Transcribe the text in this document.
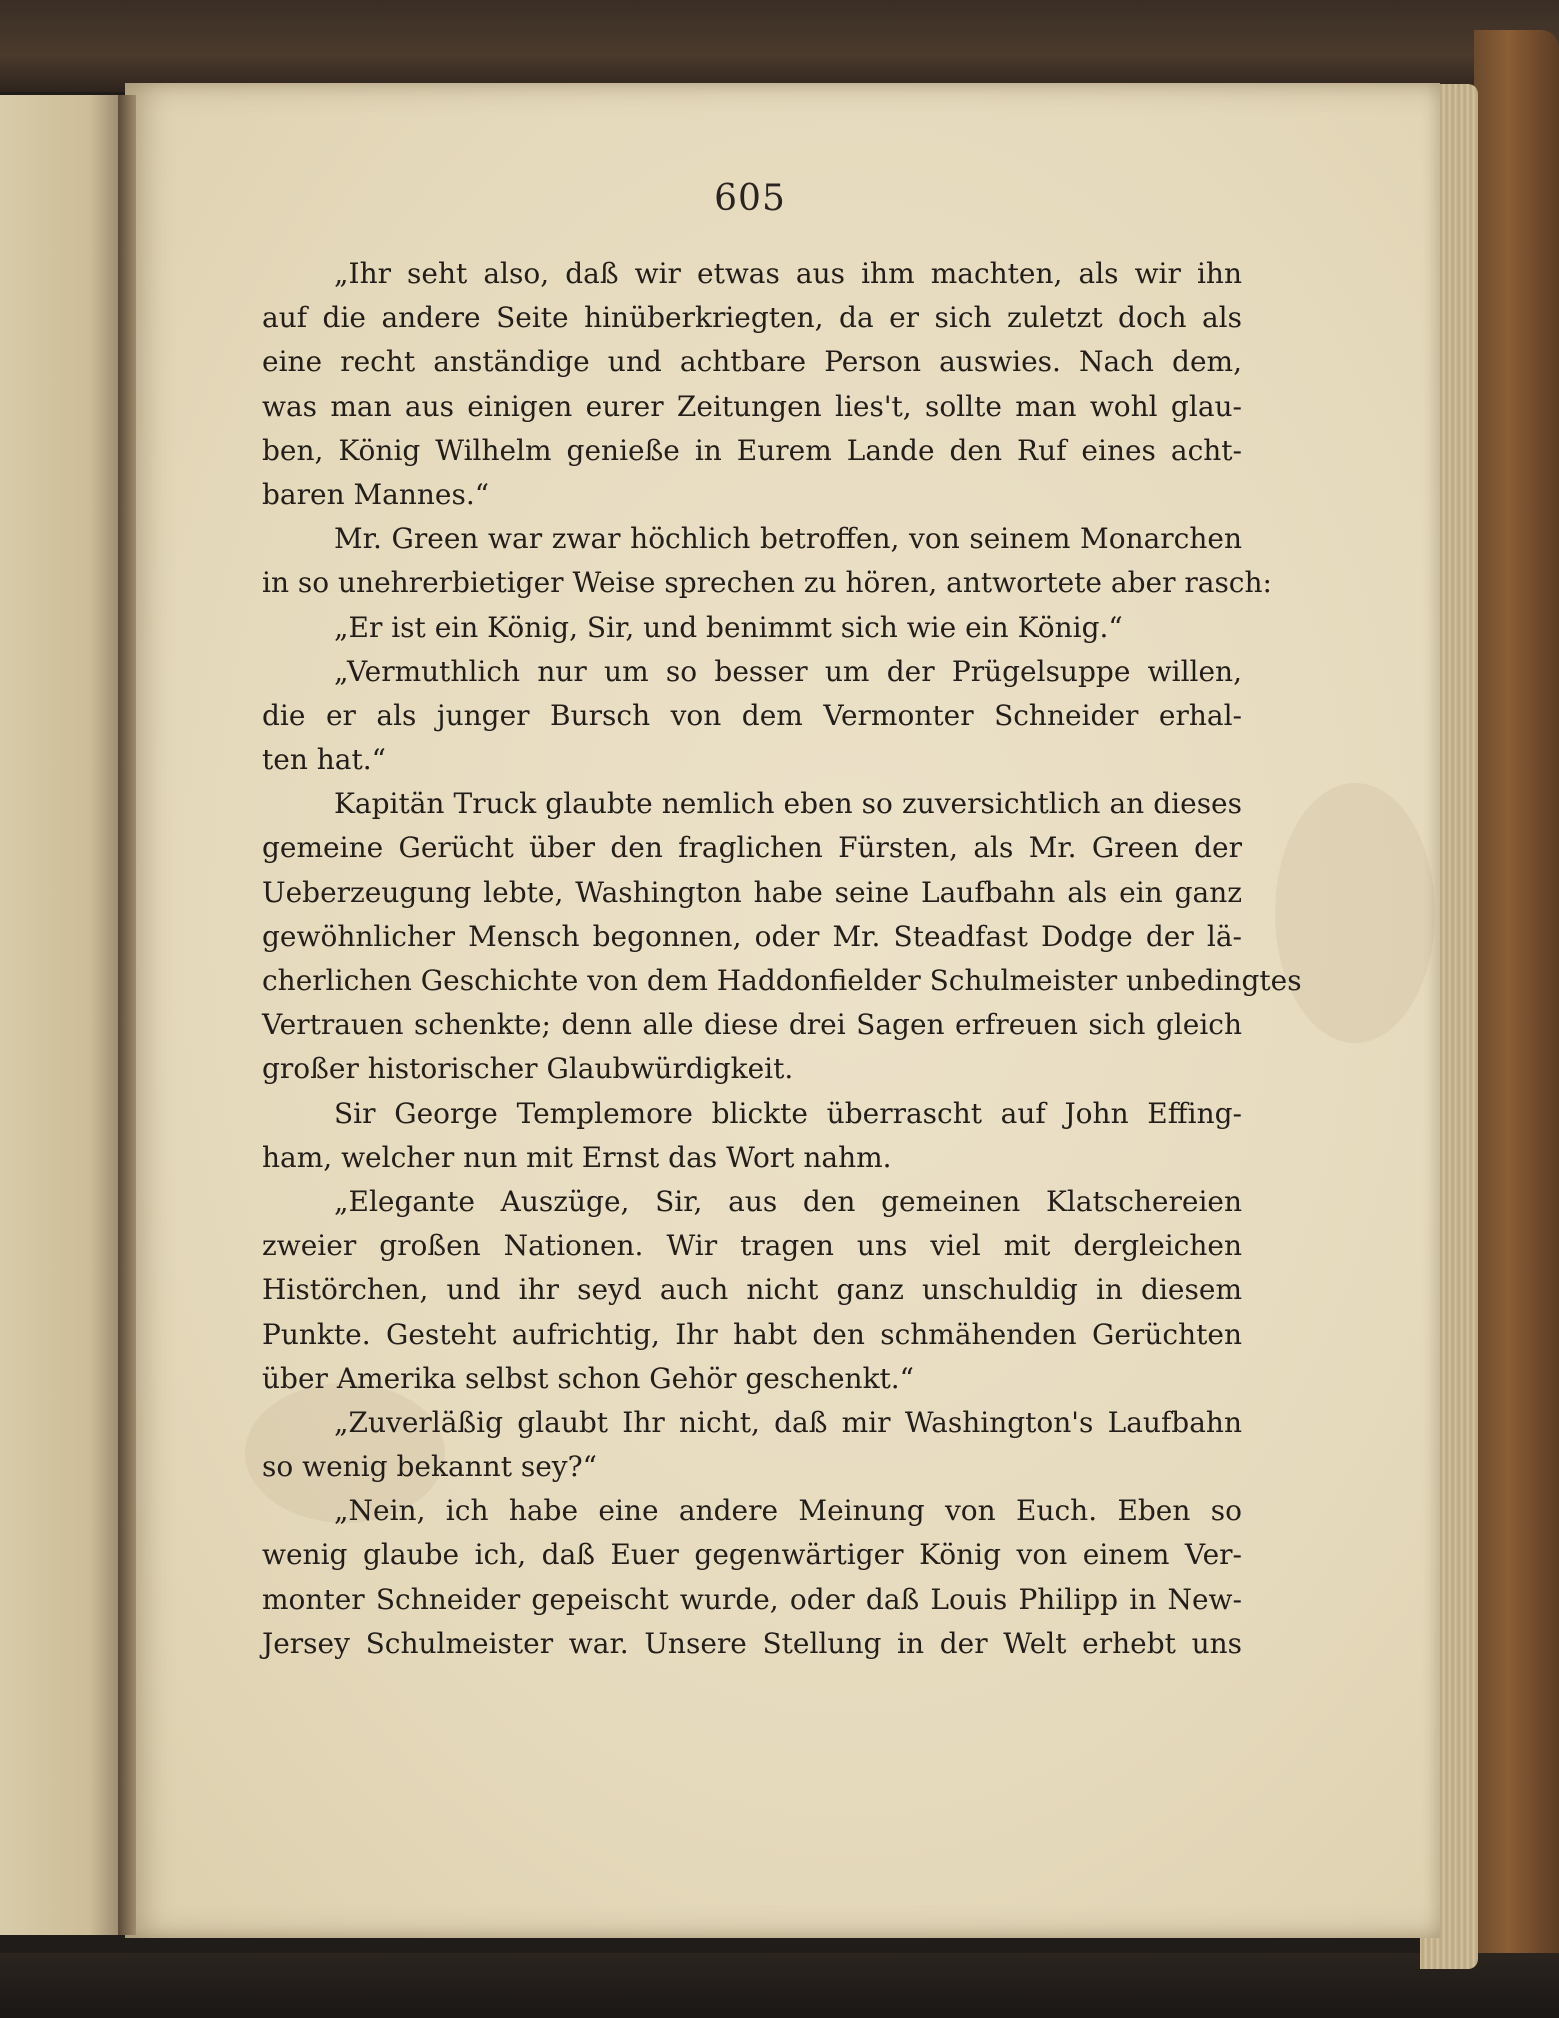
605
„Ihr seht also, daß wir etwas aus ihm machten, als wir ihn
auf die andere Seite hinüberkriegten, da er sich zuletzt doch als
eine recht anständige und achtbare Person auswies. Nach dem,
was man aus einigen eurer Zeitungen lies't, sollte man wohl glau-
ben, König Wilhelm genieße in Eurem Lande den Ruf eines acht-
baren Mannes.“
Mr. Green war zwar höchlich betroffen, von seinem Monarchen
in so unehrerbietiger Weise sprechen zu hören, antwortete aber rasch:
„Er ist ein König, Sir, und benimmt sich wie ein König.“
„Vermuthlich nur um so besser um der Prügelsuppe willen,
die er als junger Bursch von dem Vermonter Schneider erhal-
ten hat.“
Kapitän Truck glaubte nemlich eben so zuversichtlich an dieses
gemeine Gerücht über den fraglichen Fürsten, als Mr. Green der
Ueberzeugung lebte, Washington habe seine Laufbahn als ein ganz
gewöhnlicher Mensch begonnen, oder Mr. Steadfast Dodge der lä-
cherlichen Geschichte von dem Haddonfielder Schulmeister unbedingtes
Vertrauen schenkte; denn alle diese drei Sagen erfreuen sich gleich
großer historischer Glaubwürdigkeit.
Sir George Templemore blickte überrascht auf John Effing-
ham, welcher nun mit Ernst das Wort nahm.
„Elegante Auszüge, Sir, aus den gemeinen Klatschereien
zweier großen Nationen. Wir tragen uns viel mit dergleichen
Histörchen, und ihr seyd auch nicht ganz unschuldig in diesem
Punkte. Gesteht aufrichtig, Ihr habt den schmähenden Gerüchten
über Amerika selbst schon Gehör geschenkt.“
„Zuverläßig glaubt Ihr nicht, daß mir Washington's Laufbahn
so wenig bekannt sey?“
„Nein, ich habe eine andere Meinung von Euch. Eben so
wenig glaube ich, daß Euer gegenwärtiger König von einem Ver-
monter Schneider gepeischt wurde, oder daß Louis Philipp in New-
Jersey Schulmeister war. Unsere Stellung in der Welt erhebt uns
